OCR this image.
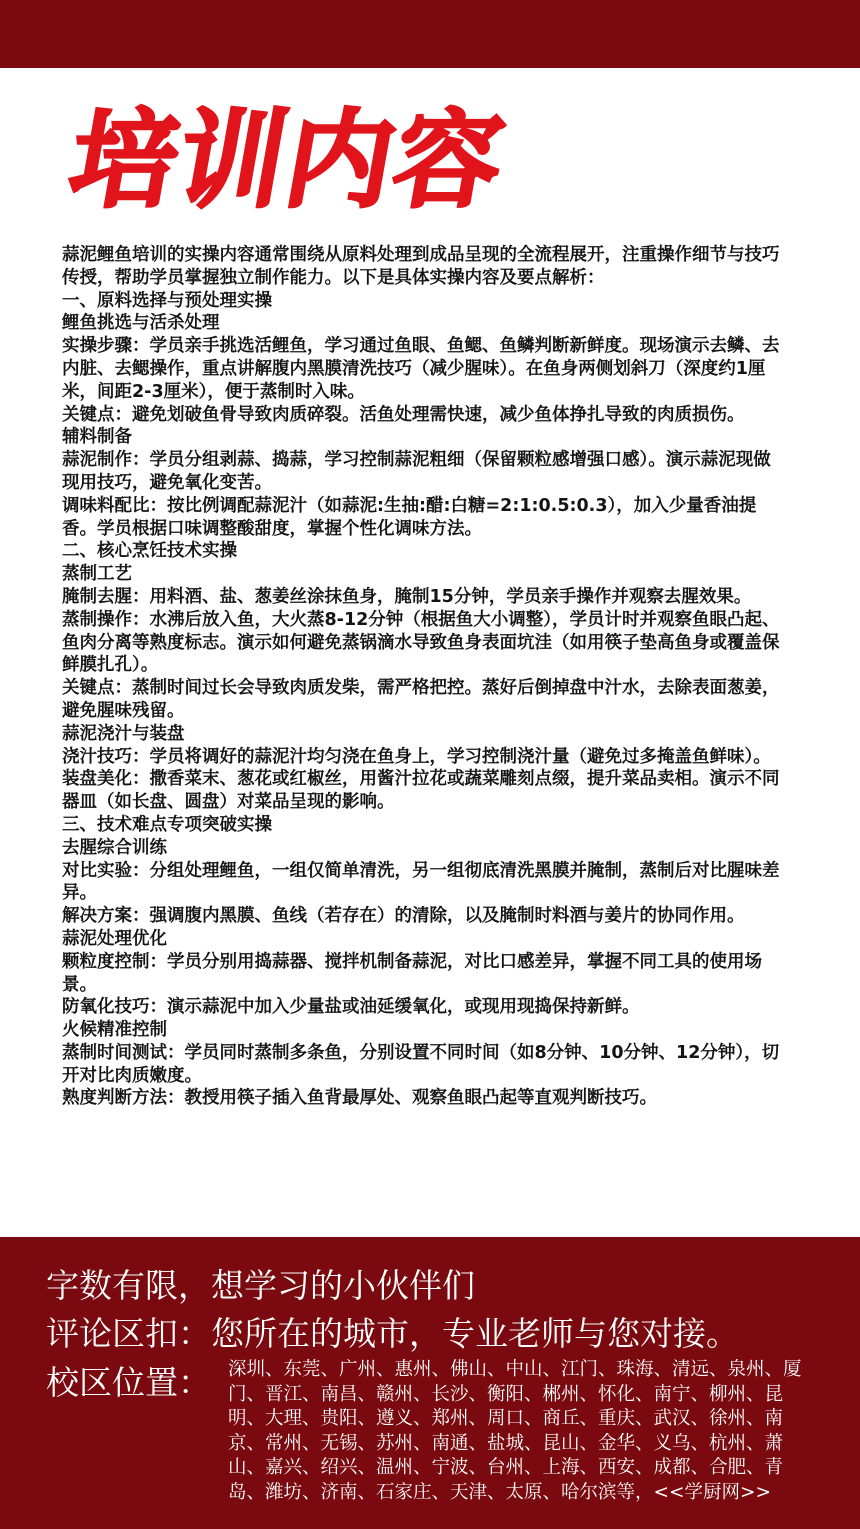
培训内容

蒜泥鲤鱼培训的实操内容通常围绕从原料处理到成品呈现的全流程展开，注重操作细节与技巧传授，帮助学员掌握独立制作能力。以下是具体实操内容及要点解析：

一、原料选择与预处理实操

鲤鱼挑选与活杀处理

实操步骤：学员亲手挑选活鲤鱼，学习通过鱼眼、鱼鳃、鱼鳞判断新鲜度。现场演示去鳞、去内脏、去鳃操作，重点讲解腹内黑膜清洗技巧（减少腥味）。在鱼身两侧划斜刀（深度约1厘米，间距2-3厘米），便于蒸制时入味。

关键点：避免划破鱼骨导致肉质碎裂。活鱼处理需快速，减少鱼体挣扎导致的肉质损伤。

辅料制备

蒜泥制作：学员分组剥蒜、捣蒜，学习控制蒜泥粗细（保留颗粒感增强口感）。演示蒜泥现做现用技巧，避免氧化变苦。

调味料配比：按比例调配蒜泥汁（如蒜泥:生抽:醋:白糖=2:1:0.5:0.3），加入少量香油提香。学员根据口味调整酸甜度，掌握个性化调味方法。

二、核心烹饪技术实操

蒸制工艺

腌制去腥：用料酒、盐、葱姜丝涂抹鱼身，腌制15分钟，学员亲手操作并观察去腥效果。

蒸制操作：水沸后放入鱼，大火蒸8-12分钟（根据鱼大小调整），学员计时并观察鱼眼凸起、鱼肉分离等熟度标志。演示如何避免蒸锅滴水导致鱼身表面坑洼（如用筷子垫高鱼身或覆盖保鲜膜扎孔）。

关键点：蒸制时间过长会导致肉质发柴，需严格把控。蒸好后倒掉盘中汁水，去除表面葱姜，避免腥味残留。

蒜泥浇汁与装盘

浇汁技巧：学员将调好的蒜泥汁均匀浇在鱼身上，学习控制浇汁量（避免过多掩盖鱼鲜味）。

装盘美化：撒香菜末、葱花或红椒丝，用酱汁拉花或蔬菜雕刻点缀，提升菜品卖相。演示不同器皿（如长盘、圆盘）对菜品呈现的影响。

三、技术难点专项突破实操

去腥综合训练

对比实验：分组处理鲤鱼，一组仅简单清洗，另一组彻底清洗黑膜并腌制，蒸制后对比腥味差异。

解决方案：强调腹内黑膜、鱼线（若存在）的清除，以及腌制时料酒与姜片的协同作用。

蒜泥处理优化

颗粒度控制：学员分别用捣蒜器、搅拌机制备蒜泥，对比口感差异，掌握不同工具的使用场景。

防氧化技巧：演示蒜泥中加入少量盐或油延缓氧化，或现用现捣保持新鲜。

火候精准控制

蒸制时间测试：学员同时蒸制多条鱼，分别设置不同时间（如8分钟、10分钟、12分钟），切开对比肉质嫩度。

熟度判断方法：教授用筷子插入鱼背最厚处、观察鱼眼凸起等直观判断技巧。

字数有限，想学习的小伙伴们
评论区扣：您所在的城市，专业老师与您对接。
校区位置： 深圳、东莞、广州、惠州、佛山、中山、江门、珠海、清远、泉州、厦门、晋江、南昌、赣州、长沙、衡阳、郴州、怀化、南宁、柳州、昆明、大理、贵阳、遵义、郑州、周口、商丘、重庆、武汉、徐州、南京、常州、无锡、苏州、南通、盐城、昆山、金华、义乌、杭州、萧山、嘉兴、绍兴、温州、宁波、台州、上海、西安、成都、合肥、青岛、潍坊、济南、石家庄、天津、太原、哈尔滨等，<<学厨网>>
